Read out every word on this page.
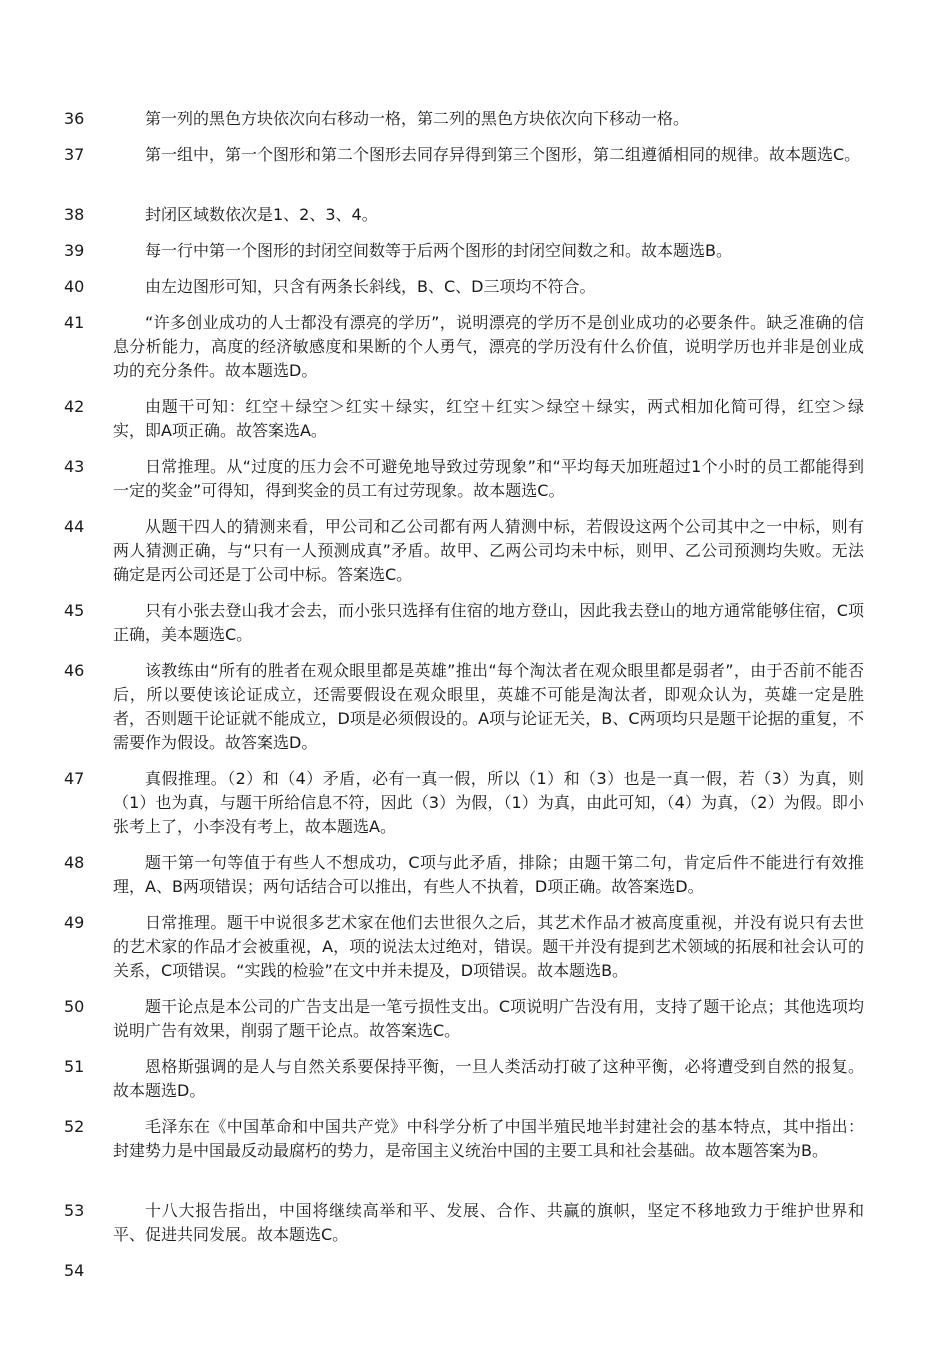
36	第一列的黑色方块依次向右移动一格，第二列的黑色方块依次向下移动一格。
37	第一组中，第一个图形和第二个图形去同存异得到第三个图形，第二组遵循相同的规律。故本题选C。
38	封闭区域数依次是1、2、3、4。
39	每一行中第一个图形的封闭空间数等于后两个图形的封闭空间数之和。故本题选B。
40	由左边图形可知，只含有两条长斜线，B、C、D三项均不符合。
41	“许多创业成功的人士都没有漂亮的学历”，说明漂亮的学历不是创业成功的必要条件。缺乏准确的信息分析能力，高度的经济敏感度和果断的个人勇气，漂亮的学历没有什么价值，说明学历也并非是创业成功的充分条件。故本题选D。
42	由题干可知：红空＋绿空＞红实＋绿实，红空＋红实＞绿空＋绿实，两式相加化简可得，红空＞绿实，即A项正确。故答案选A。
43	日常推理。从“过度的压力会不可避免地导致过劳现象”和“平均每天加班超过1个小时的员工都能得到一定的奖金”可得知，得到奖金的员工有过劳现象。故本题选C。
44	从题干四人的猜测来看，甲公司和乙公司都有两人猜测中标，若假设这两个公司其中之一中标，则有两人猜测正确，与“只有一人预测成真”矛盾。故甲、乙两公司均未中标，则甲、乙公司预测均失败。无法确定是丙公司还是丁公司中标。答案选C。
45	只有小张去登山我才会去，而小张只选择有住宿的地方登山，因此我去登山的地方通常能够住宿，C项正确，美本题选C。
46	该教练由“所有的胜者在观众眼里都是英雄”推出“每个淘汰者在观众眼里都是弱者”，由于否前不能否后，所以要使该论证成立，还需要假设在观众眼里，英雄不可能是淘汰者，即观众认为，英雄一定是胜者，否则题干论证就不能成立，D项是必须假设的。A项与论证无关，B、C两项均只是题干论据的重复，不需要作为假设。故答案选D。
47	真假推理。（2）和（4）矛盾，必有一真一假，所以（1）和（3）也是一真一假，若（3）为真，则（1）也为真，与题干所给信息不符，因此（3）为假，（1）为真，由此可知，（4）为真，（2）为假。即小张考上了，小李没有考上，故本题选A。
48	题干第一句等值于有些人不想成功，C项与此矛盾，排除；由题干第二句，肯定后件不能进行有效推理，A、B两项错误；两句话结合可以推出，有些人不执着，D项正确。故答案选D。
49	日常推理。题干中说很多艺术家在他们去世很久之后，其艺术作品才被高度重视，并没有说只有去世的艺术家的作品才会被重视，A，项的说法太过绝对，错误。题干并没有提到艺术领域的拓展和社会认可的关系，C项错误。“实践的检验”在文中并未提及，D项错误。故本题选B。
50	题干论点是本公司的广告支出是一笔亏损性支出。C项说明广告没有用，支持了题干论点；其他选项均说明广告有效果，削弱了题干论点。故答案选C。
51	恩格斯强调的是人与自然关系要保持平衡，一旦人类活动打破了这种平衡，必将遭受到自然的报复。故本题选D。
52	毛泽东在《中国革命和中国共产党》中科学分析了中国半殖民地半封建社会的基本特点，其中指出：封建势力是中国最反动最腐朽的势力，是帝国主义统治中国的主要工具和社会基础。故本题答案为B。
53	十八大报告指出，中国将继续高举和平、发展、合作、共赢的旗帜，坚定不移地致力于维护世界和平、促进共同发展。故本题选C。
54
